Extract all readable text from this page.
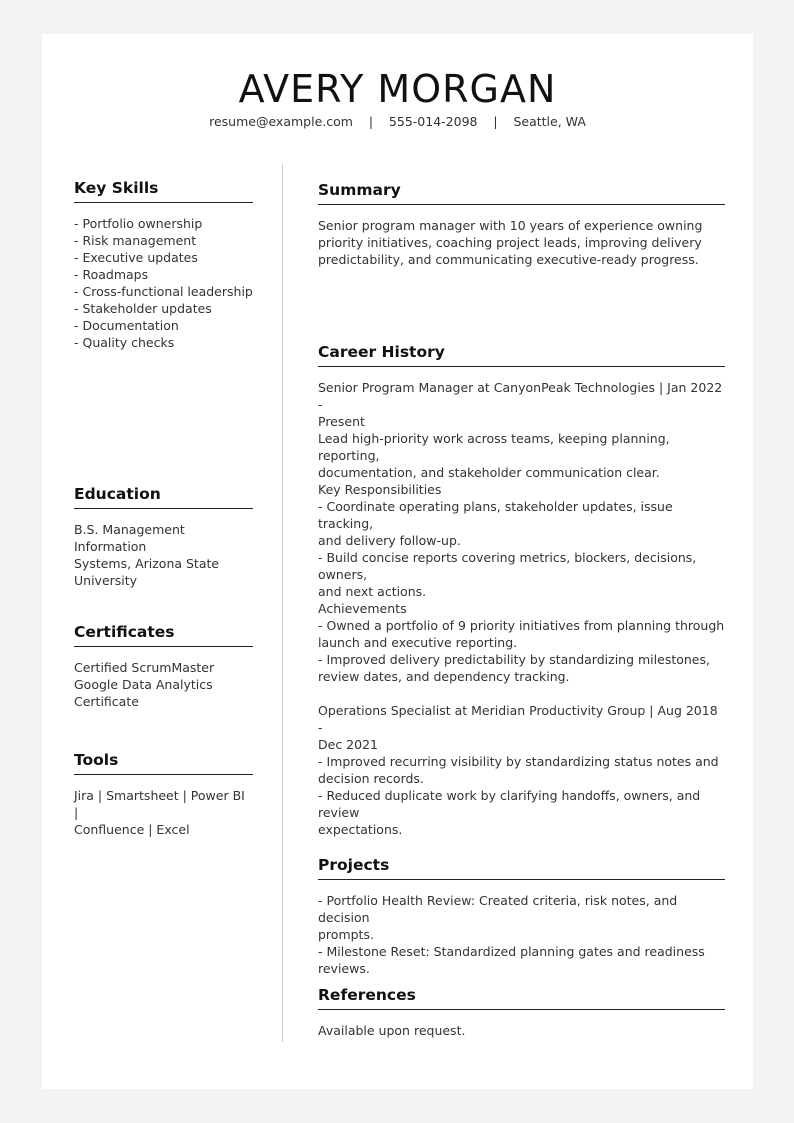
AVERY MORGAN
resume@example.com    |    555-014-2098    |    Seattle, WA
Key Skills
- Portfolio ownership
- Risk management
- Executive updates
- Roadmaps
- Cross-functional leadership
- Stakeholder updates
- Documentation
- Quality checks
Education
B.S. Management Information
Systems, Arizona State
University
Certificates
Certified ScrumMaster
Google Data Analytics
Certificate
Tools
Jira | Smartsheet | Power BI |
Confluence | Excel
Summary
Senior program manager with 10 years of experience owning
priority initiatives, coaching project leads, improving delivery
predictability, and communicating executive-ready progress.
Career History
Senior Program Manager at CanyonPeak Technologies | Jan 2022 -
Present
Lead high-priority work across teams, keeping planning, reporting,
documentation, and stakeholder communication clear.
Key Responsibilities
- Coordinate operating plans, stakeholder updates, issue tracking,
and delivery follow-up.
- Build concise reports covering metrics, blockers, decisions, owners,
and next actions.
Achievements
- Owned a portfolio of 9 priority initiatives from planning through
launch and executive reporting.
- Improved delivery predictability by standardizing milestones,
review dates, and dependency tracking.
Operations Specialist at Meridian Productivity Group | Aug 2018 -
Dec 2021
- Improved recurring visibility by standardizing status notes and
decision records.
- Reduced duplicate work by clarifying handoffs, owners, and review
expectations.
Projects
- Portfolio Health Review: Created criteria, risk notes, and decision
prompts.
- Milestone Reset: Standardized planning gates and readiness
reviews.
References
Available upon request.
